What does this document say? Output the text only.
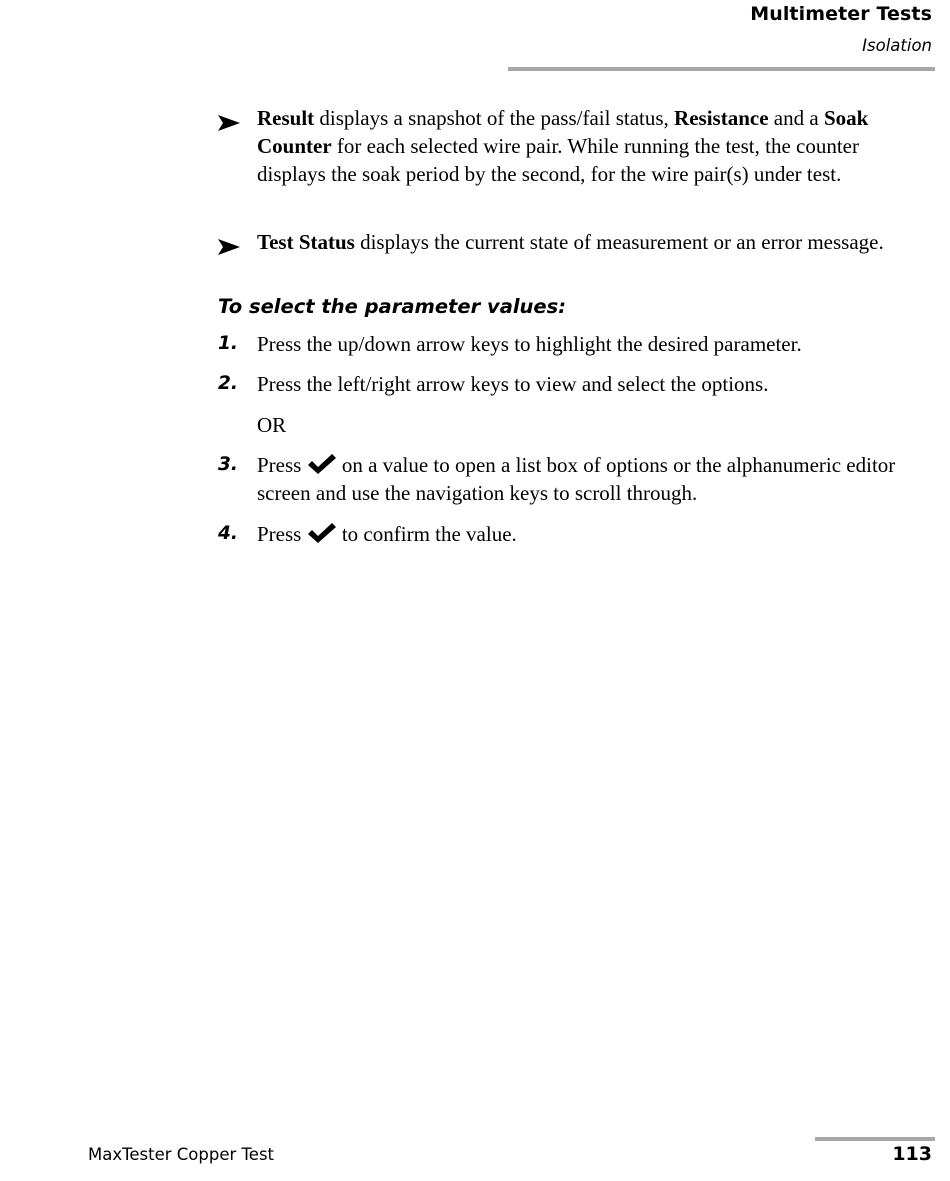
Multimeter Tests
Isolation
Result displays a snapshot of the pass/fail status, Resistance and a Soak Counter for each selected wire pair. While running the test, the counter displays the soak period by the second, for the wire pair(s) under test.
Test Status displays the current state of measurement or an error message.
To select the parameter values:
1. Press the up/down arrow keys to highlight the desired parameter.
2. Press the left/right arrow keys to view and select the options.
OR
3. Press
on a value to open a list box of options or the alphanumeric editor screen and use the navigation keys to scroll through.
4. Press
to confirm the value.
MaxTester Copper Test	113
